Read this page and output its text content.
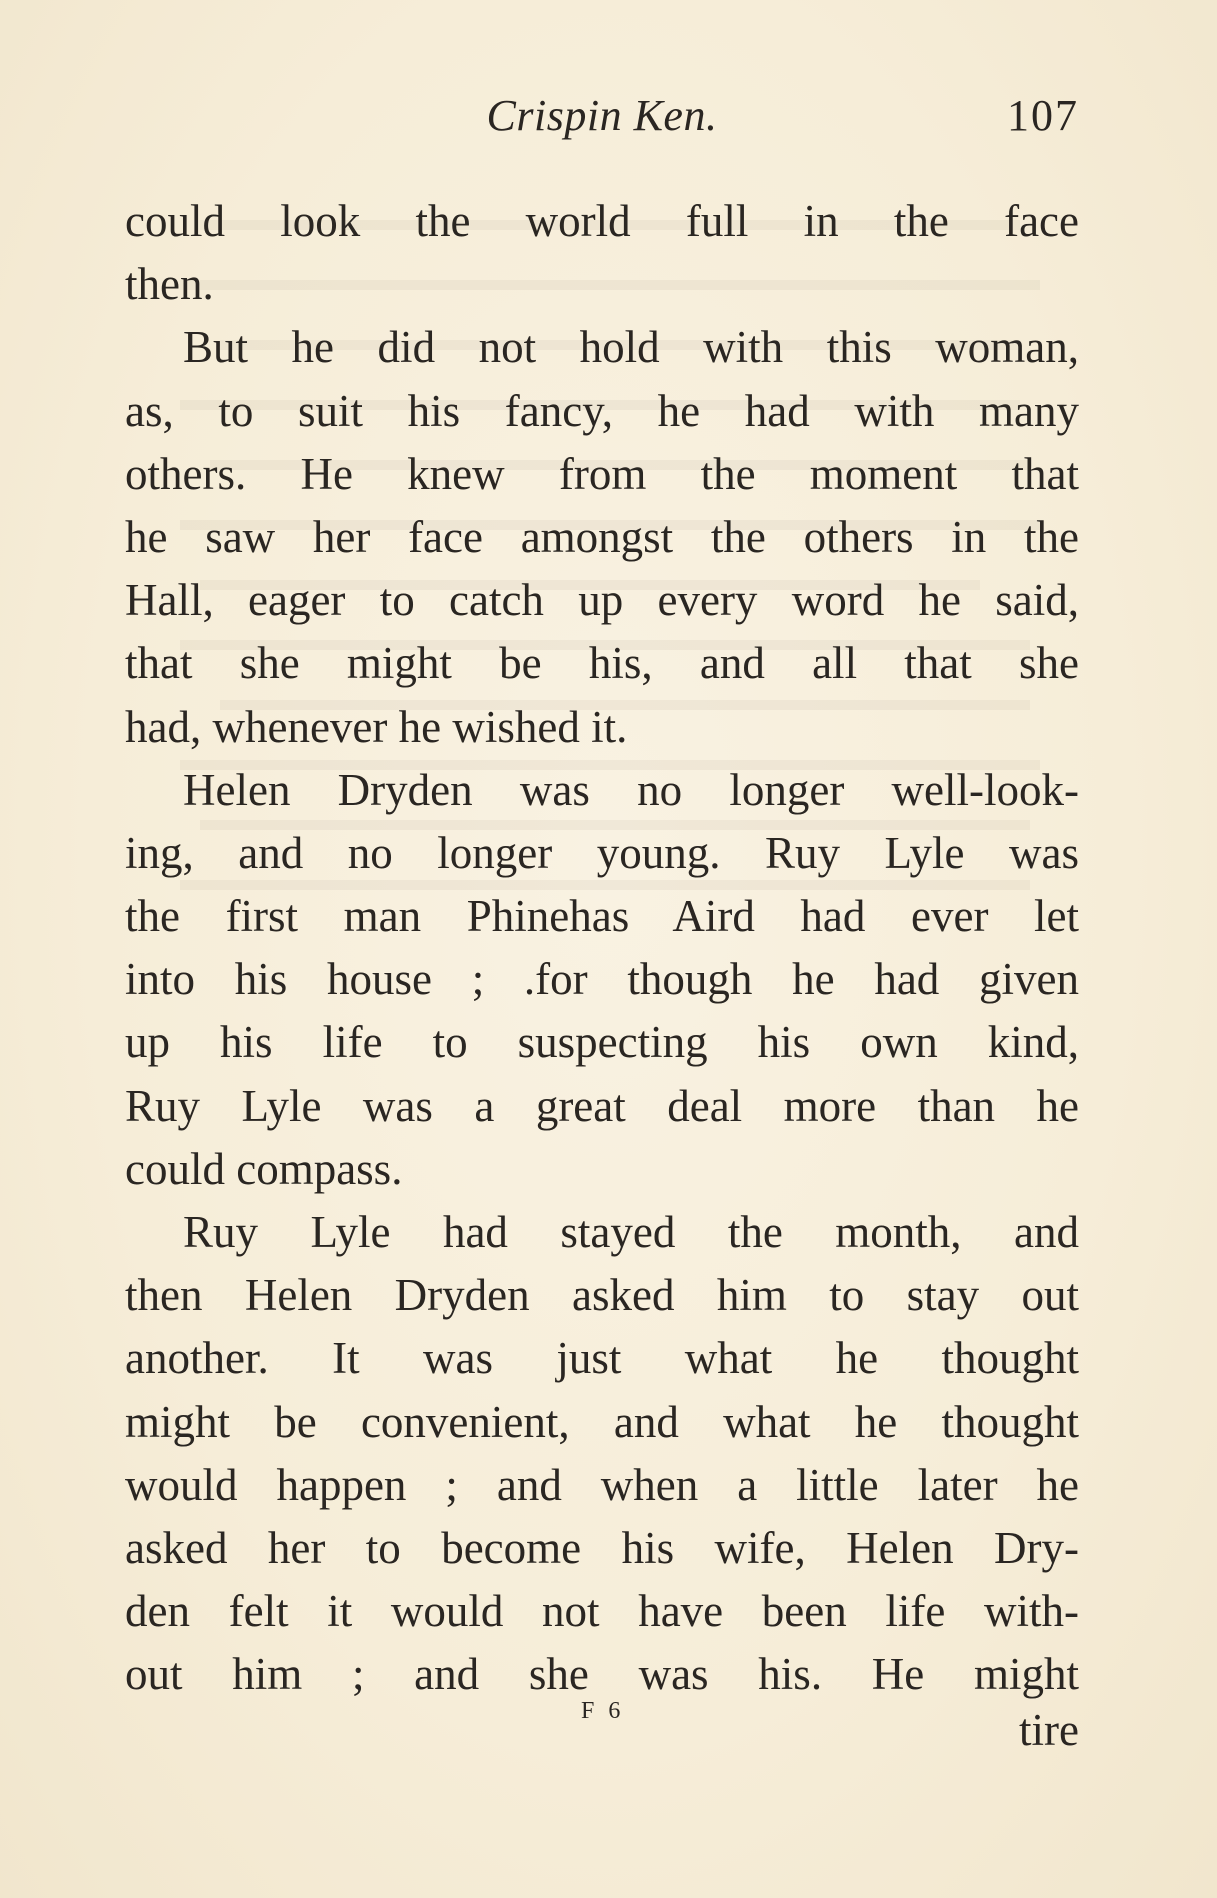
Crispin Ken.	107
could look the world full in the face
then.
But he did not hold with this woman,
as, to suit his fancy, he had with many
others. He knew from the moment that
he saw her face amongst the others in the
Hall, eager to catch up every word he said,
that she might be his, and all that she
had, whenever he wished it.
Helen Dryden was no longer well-look-
ing, and no longer young. Ruy Lyle was
the first man Phinehas Aird had ever let
into his house ; .for though he had given
up his life to suspecting his own kind,
Ruy Lyle was a great deal more than he
could compass.
Ruy Lyle had stayed the month, and
then Helen Dryden asked him to stay out
another. It was just what he thought
might be convenient, and what he thought
would happen ; and when a little later he
asked her to become his wife, Helen Dry-
den felt it would not have been life with-
out him ; and she was his. He might
F 6	tire
